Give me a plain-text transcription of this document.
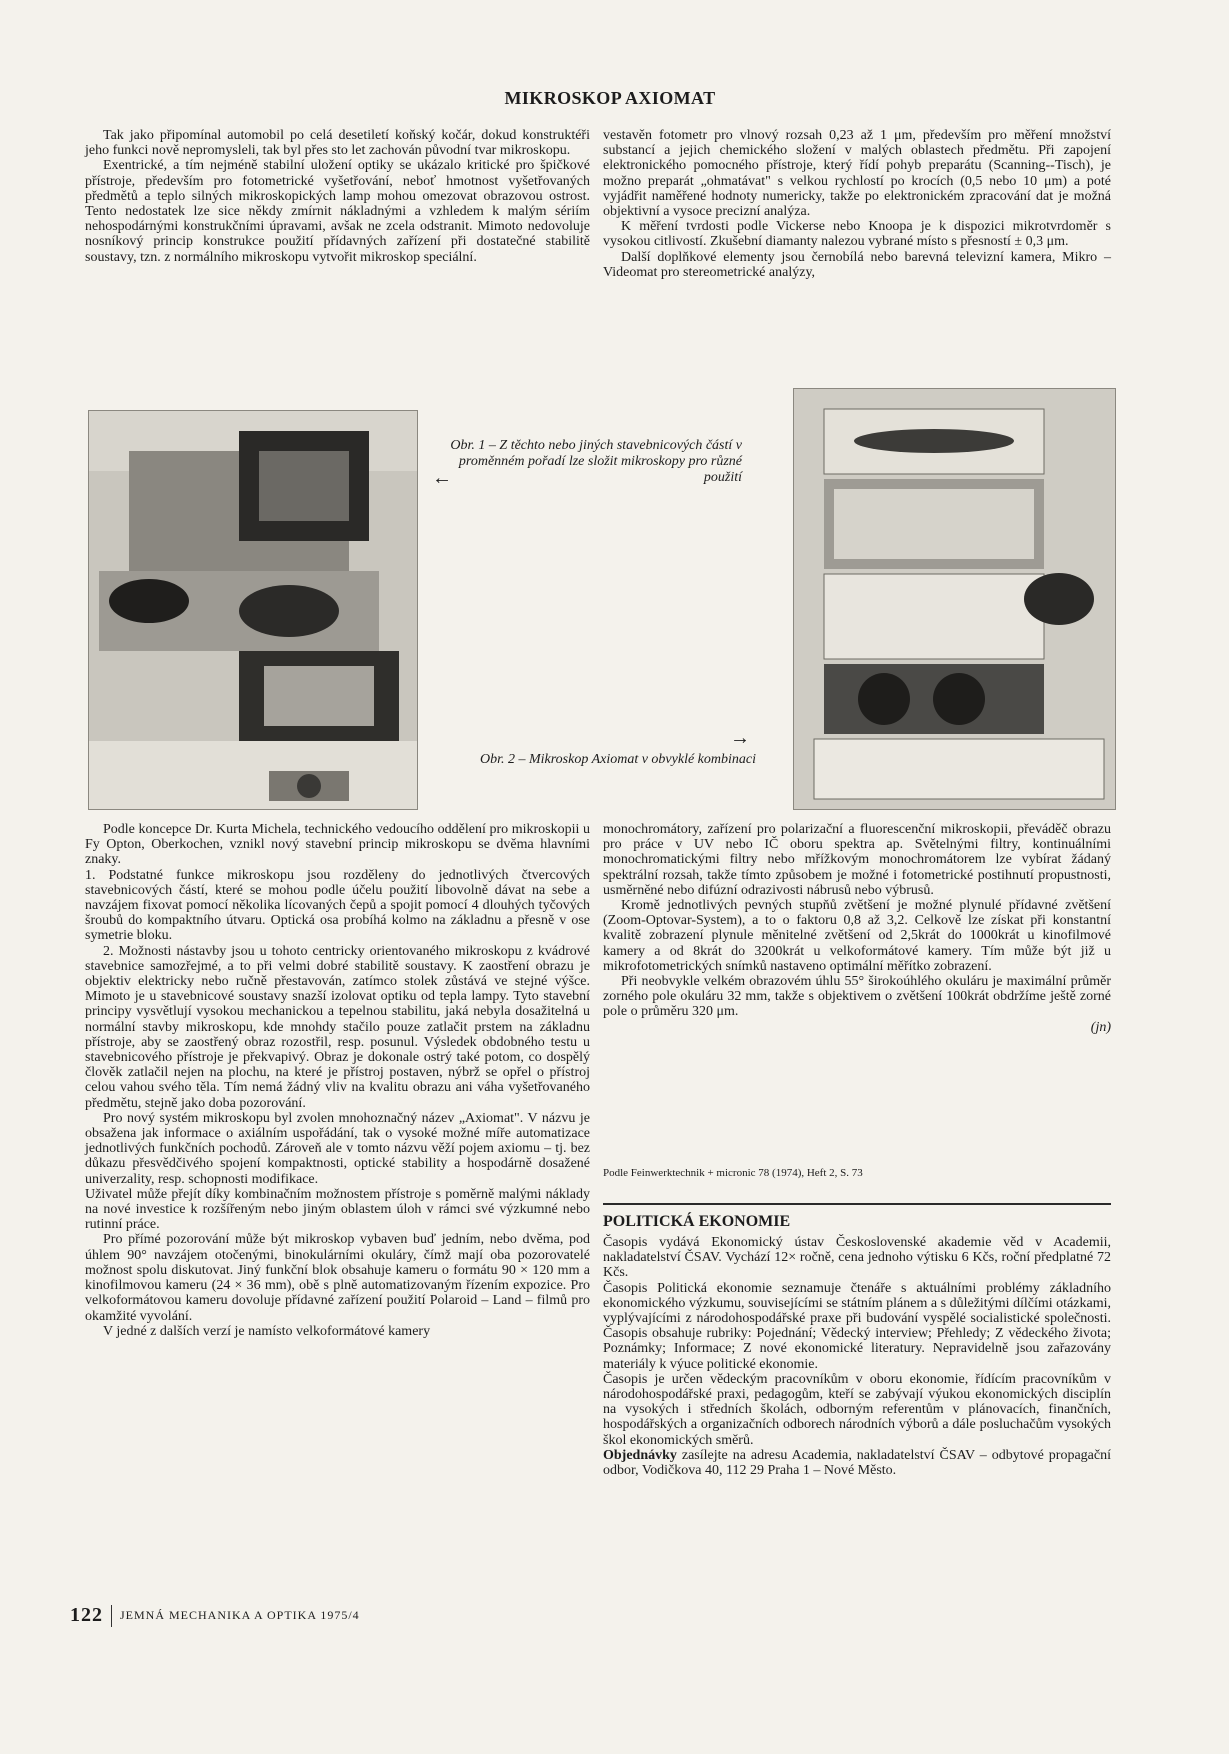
MIKROSKOP AXIOMAT

Tak jako připomínal automobil po celá desetiletí koňský kočár, dokud konstruktéři jeho funkci nově nepromysleli, tak byl přes sto let zachován původní tvar mikroskopu.

Exentrické, a tím nejméně stabilní uložení optiky se ukázalo kritické pro špičkové přístroje, především pro fotometrické vyšetřování, neboť hmotnost vyšetřovaných předmětů a teplo silných mikroskopických lamp mohou omezovat obrazovou ostrost. Tento nedostatek lze sice někdy zmírnit nákladnými a vzhledem k malým sériím nehospodárnými konstrukčními úpravami, avšak ne zcela odstranit. Mimoto nedovoluje nosníkový princip konstrukce použití přídavných zařízení při dostatečné stabilitě soustavy, tzn. z normálního mikroskopu vytvořit mikroskop speciální.

vestavěn fotometr pro vlnový rozsah 0,23 až 1 μm, především pro měření množství substancí a jejich chemického složení v malých oblastech předmětu. Při zapojení elektronického pomocného přístroje, který řídí pohyb preparátu (Scanning--Tisch), je možno preparát „ohmatávat" s velkou rychlostí po krocích (0,5 nebo 10 μm) a poté vyjádřit naměřené hodnoty numericky, takže po elektronickém zpracování dat je možná objektivní a vysoce precizní analýza.

K měření tvrdosti podle Vickerse nebo Knoopa je k dispozici mikrotvrdoměr s vysokou citlivostí. Zkušební diamanty nalezou vybrané místo s přesností ± 0,3 μm.

Další doplňkové elementy jsou černobílá nebo barevná televizní kamera, Mikro – Videomat pro stereometrické analýzy,

Obr. 1 – Z těchto nebo jiných stavebnicových částí v proměnném pořadí lze složit mikroskopy pro různé použití

←
→

Obr. 2 – Mikroskop Axiomat v obvyklé kombinaci

Podle koncepce Dr. Kurta Michela, technického vedoucího oddělení pro mikroskopii u Fy Opton, Oberkochen, vznikl nový stavební princip mikroskopu se dvěma hlavními znaky.

1. Podstatné funkce mikroskopu jsou rozděleny do jednotlivých čtvercových stavebnicových částí, které se mohou podle účelu použití libovolně dávat na sebe a navzájem fixovat pomocí několika lícovaných čepů a spojit pomocí 4 dlouhých tyčových šroubů do kompaktního útvaru. Optická osa probíhá kolmo na základnu a přesně v ose symetrie bloku.

2. Možnosti nástavby jsou u tohoto centricky orientovaného mikroskopu z kvádrové stavebnice samozřejmé, a to při velmi dobré stabilitě soustavy. K zaostření obrazu je objektiv elektricky nebo ručně přestavován, zatímco stolek zůstává ve stejné výšce. Mimoto je u stavebnicové soustavy snazší izolovat optiku od tepla lampy. Tyto stavební principy vysvětlují vysokou mechanickou a tepelnou stabilitu, jaká nebyla dosažitelná u normální stavby mikroskopu, kde mnohdy stačilo pouze zatlačit prstem na základnu přístroje, aby se zaostřený obraz rozostřil, resp. posunul. Výsledek obdobného testu u stavebnicového přístroje je překvapivý. Obraz je dokonale ostrý také potom, co dospělý člověk zatlačil nejen na plochu, na které je přístroj postaven, nýbrž se opřel o přístroj celou vahou svého těla. Tím nemá žádný vliv na kvalitu obrazu ani váha vyšetřovaného předmětu, stejně jako doba pozorování.

Pro nový systém mikroskopu byl zvolen mnohoznačný název „Axiomat". V názvu je obsažena jak informace o axiálním uspořádání, tak o vysoké možné míře automatizace jednotlivých funkčních pochodů. Zároveň ale v tomto názvu věží pojem axiomu – tj. bez důkazu přesvědčivého spojení kompaktnosti, optické stability a hospodárně dosažené univerzality, resp. schopnosti modifikace.

Uživatel může přejít díky kombinačním možnostem přístroje s poměrně malými náklady na nové investice k rozšířeným nebo jiným oblastem úloh v rámci své výzkumné nebo rutinní práce.

Pro přímé pozorování může být mikroskop vybaven buď jedním, nebo dvěma, pod úhlem 90° navzájem otočenými, binokulárními okuláry, čímž mají oba pozorovatelé možnost spolu diskutovat. Jiný funkční blok obsahuje kameru o formátu 90 × 120 mm a kinofilmovou kameru (24 × 36 mm), obě s plně automatizovaným řízením expozice. Pro velkoformátovou kameru dovoluje přídavné zařízení použití Polaroid – Land – filmů pro okamžité vyvolání.

V jedné z dalších verzí je namísto velkoformátové kamery

monochromátory, zařízení pro polarizační a fluorescenční mikroskopii, převáděč obrazu pro práce v UV nebo IČ oboru spektra ap. Světelnými filtry, kontinuálními monochromatickými filtry nebo mřížkovým monochromátorem lze vybírat žádaný spektrální rozsah, takže tímto způsobem je možné i fotometrické postihnutí propustnosti, usměrněné nebo difúzní odrazivosti nábrusů nebo výbrusů.

Kromě jednotlivých pevných stupňů zvětšení je možné plynulé přídavné zvětšení (Zoom-Optovar-System), a to o faktoru 0,8 až 3,2. Celkově lze získat při konstantní kvalitě zobrazení plynule měnitelné zvětšení od 2,5krát do 1000krát u kinofilmové kamery a od 8krát do 3200krát u velkoformátové kamery. Tím může být již u mikrofotometrických snímků nastaveno optimální měřítko zobrazení.

Při neobvykle velkém obrazovém úhlu 55° širokoúhlého okuláru je maximální průměr zorného pole okuláru 32 mm, takže s objektivem o zvětšení 100krát obdržíme ještě zorné pole o průměru 320 μm.

(jn)

Podle Feinwerktechnik + micronic 78 (1974), Heft 2, S. 73

POLITICKÁ EKONOMIE

Časopis vydává Ekonomický ústav Československé akademie věd v Academii, nakladatelství ČSAV. Vychází 12× ročně, cena jednoho výtisku 6 Kčs, roční předplatné 72 Kčs.

Časopis Politická ekonomie seznamuje čtenáře s aktuálními problémy základního ekonomického výzkumu, souvisejícími se státním plánem a s důležitými dílčími otázkami, vyplývajícími z národohospodářské praxe při budování vyspělé socialistické společnosti. Časopis obsahuje rubriky: Pojednání; Vědecký interview; Přehledy; Z vědeckého života; Poznámky; Informace; Z nové ekonomické literatury. Nepravidelně jsou zařazovány materiály k výuce politické ekonomie.

Časopis je určen vědeckým pracovníkům v oboru ekonomie, řídícím pracovníkům v národohospodářské praxi, pedagogům, kteří se zabývají výukou ekonomických disciplín na vysokých i středních školách, odborným referentům v plánovacích, finančních, hospodářských a organizačních odborech národních výborů a dále posluchačům vysokých škol ekonomických směrů.

Objednávky zasílejte na adresu Academia, nakladatelství ČSAV – odbytové propagační odbor, Vodičkova 40, 112 29 Praha 1 – Nové Město.

122 JEMNÁ MECHANIKA A OPTIKA 1975/4
